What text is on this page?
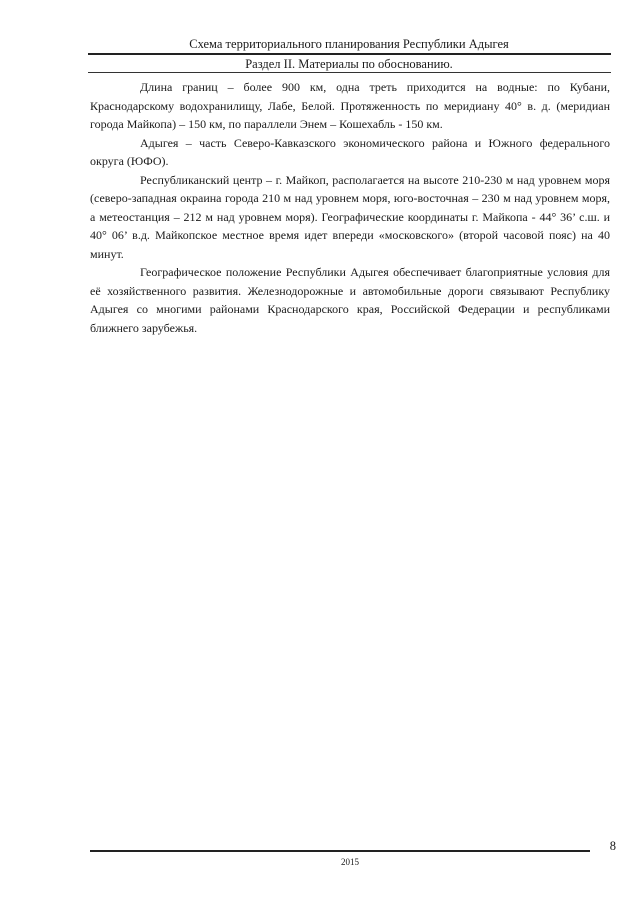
Схема территориального планирования Республики Адыгея
Раздел II. Материалы по обоснованию.

Длина границ – более 900 км, одна треть приходится на водные: по Кубани, Краснодарскому водохранилищу, Лабе, Белой. Протяженность по меридиану 40° в. д. (меридиан города Майкопа) – 150 км, по параллели Энем – Кошехабль - 150 км.

Адыгея – часть Северо-Кавказского экономического района и Южного федерального округа (ЮФО).

Республиканский центр – г. Майкоп, располагается на высоте 210-230 м над уровнем моря (северо-западная окраина города 210 м над уровнем моря, юго-восточная – 230 м над уровнем моря, а метеостанция – 212 м над уровнем моря). Географические координаты г. Майкопа - 44° 36’ с.ш. и 40° 06’ в.д. Майкопское местное время идет впереди «московского» (второй часовой пояс) на 40 минут.

Географическое положение Республики Адыгея обеспечивает благоприятные условия для её хозяйственного развития. Железнодорожные и автомобильные дороги связывают Республику Адыгея со многими районами Краснодарского края, Российской Федерации и республиками ближнего зарубежья.

8
2015
